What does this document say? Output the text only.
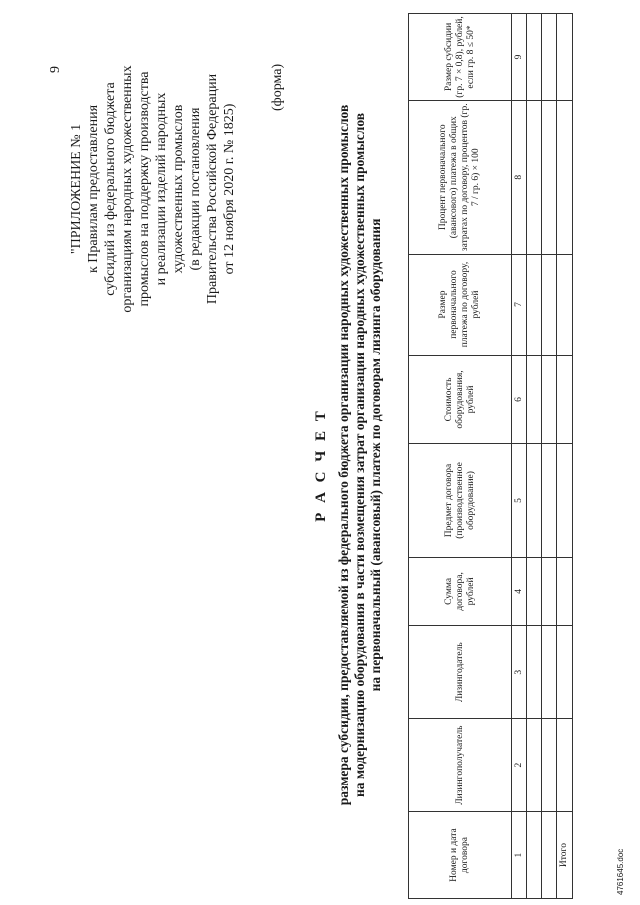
9
"ПРИЛОЖЕНИЕ № 1 к Правилам предоставления субсидий из федерального бюджета организациям народных художественных промыслов на поддержку производства и реализации изделий народных художественных промыслов (в редакции постановления Правительства Российской Федерации от 12 ноября 2020 г. № 1825)
(форма)
Р А С Ч Е Т размера субсидии, предоставляемой из федерального бюджета организации народных художественных промыслов на модернизацию оборудования в части возмещения затрат организации народных художественных промыслов на первоначальный (авансовый) платеж по договорам лизинга оборудования
Номер и дата договора	Лизингополучатель	Лизингодатель	Сумма договора, рублей	Предмет договора (производственное оборудование)	Стоимость оборудования, рублей	Размер первоначального платежа по договору, рублей	Процент первоначального (авансового) платежа в общих затратах по договору, процентов (гр. 7 / гр. 6) × 100	Размер субсидии (гр. 7 × 0,8), рублей, если гр. 8 ≤ 50*
1	2	3	4	5	6	7	8	9

Итого									4761645.doc
